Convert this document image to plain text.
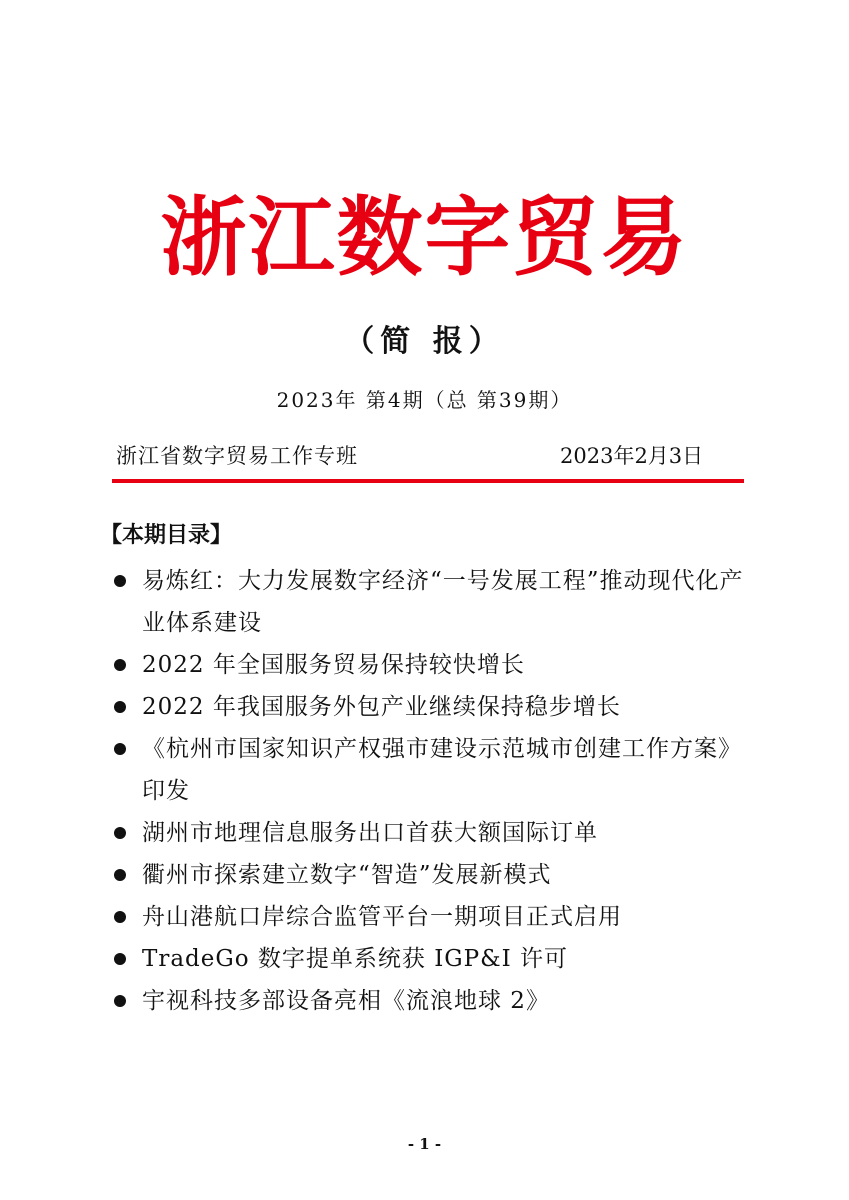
浙江数字贸易
（简 报）
2023年 第4期（总 第39期）
浙江省数字贸易工作专班	2023年2月3日
【本期目录】
易炼红：大力发展数字经济“一号发展工程”推动现代化产业体系建设
2022 年全国服务贸易保持较快增长
2022 年我国服务外包产业继续保持稳步增长
《杭州市国家知识产权强市建设示范城市创建工作方案》印发
湖州市地理信息服务出口首获大额国际订单
衢州市探索建立数字“智造”发展新模式
舟山港航口岸综合监管平台一期项目正式启用
TradeGo 数字提单系统获 IGP&I 许可
宇视科技多部设备亮相《流浪地球 2》
- 1 -
